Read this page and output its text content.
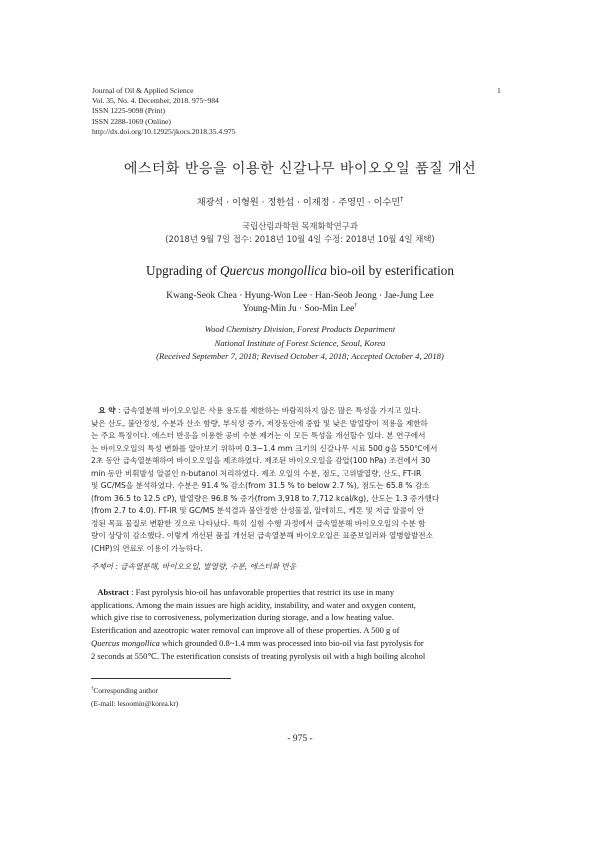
Journal of Oil & Applied Science
Vol. 35, No. 4. December, 2018. 975~984
ISSN 1225-9098 (Print)
ISSN 2288-1069 (Online)
http://dx.doi.org/10.12925/jkocs.2018.35.4.975
1
에스터화 반응을 이용한 신갈나무 바이오오일 품질 개선
채광석 · 이형원 · 정한섭 · 이재정 · 주영민 · 이수민†
국립산림과학원 목재화학연구과
(2018년 9월 7일 접수: 2018년 10월 4일 수정: 2018년 10월 4일 채택)
Upgrading of Quercus mongollica bio-oil by esterification
Kwang-Seok Chea · Hyung-Won Lee · Han-Seob Jeong · Jae-Jung Lee
Young-Min Ju · Soo-Min Lee†
Wood Chemistry Division, Forest Products Department
National Institute of Forest Science, Seoul, Korea
(Received September 7, 2018; Revised October 4, 2018; Accepted October 4, 2018)
요 약 : 급속열분해 바이오오일은 사용 용도를 제한하는 바람직하지 않은 많은 특성을 가지고 있다.
낮은 산도, 불안정성, 수분과 산소 함량, 부식성 증가, 저장동안에 중합 및 낮은 발열량이 적용을 제한하
는 주요 특징이다. 에스터 반응을 이용한 공비 수분 제거는 이 모든 특성을 개선할수 있다. 본 연구에서
는 바이오오일의 특성 변화를 알아보기 위하여 0.3~1.4 mm 크기의 신갈나무 시료 500 g을 550℃에서
2초 동안 급속열분해하여 바이오오일을 제조하였다. 제조된 바이오오일을 감압(100 hPa) 조건에서 30
min 동안 비휘발성 알콜인 n-butanol 처리하였다. 제조 오일의 수분, 점도, 고위발열량, 산도, FT-IR
및 GC/MS을 분석하였다. 수분은 91.4 % 감소(from 31.5 % to below 2.7 %), 점도는 65.8 % 감소
(from 36.5 to 12.5 cP), 발열량은 96.8 % 증가(from 3,918 to 7,712 kcal/kg), 산도는 1.3 증가했다
(from 2.7 to 4.0). FT-IR 및 GC/MS 분석결과 불안정한 산성물질, 알데히드, 케톤 및 저급 알콜이 안
정된 목표 물질로 변환한 것으로 나타났다. 특히 실험 수행 과정에서 급속열분해 바이오오일의 수분 함
량이 상당히 감소했다. 이렇게 개선된 품질 개선된 급속열분해 바이오오일은 표준보일러와 열병합발전소
(CHP)의 연료로 이용이 가능하다.
주제어 : 급속열분해, 바이오오일, 발열량, 수분, 에스터화 반응
Abstract : Fast pyrolysis bio-oil has unfavorable properties that restrict its use in many
applications. Among the main issues are high acidity, instability, and water and oxygen content,
which give rise to corrosiveness, polymerization during storage, and a low heating value.
Esterification and azeotropic water removal can improve all of these properties. A 500 g of
Quercus mongollica which grounded 0.8~1.4 mm was processed into bio-oil via fast pyrolysis for
2 seconds at 550℃. The esterification consists of treating pyrolysis oil with a high boiling alcohol
†Corresponding author
(E-mail: lesoomin@korea.kr)
- 975 -
